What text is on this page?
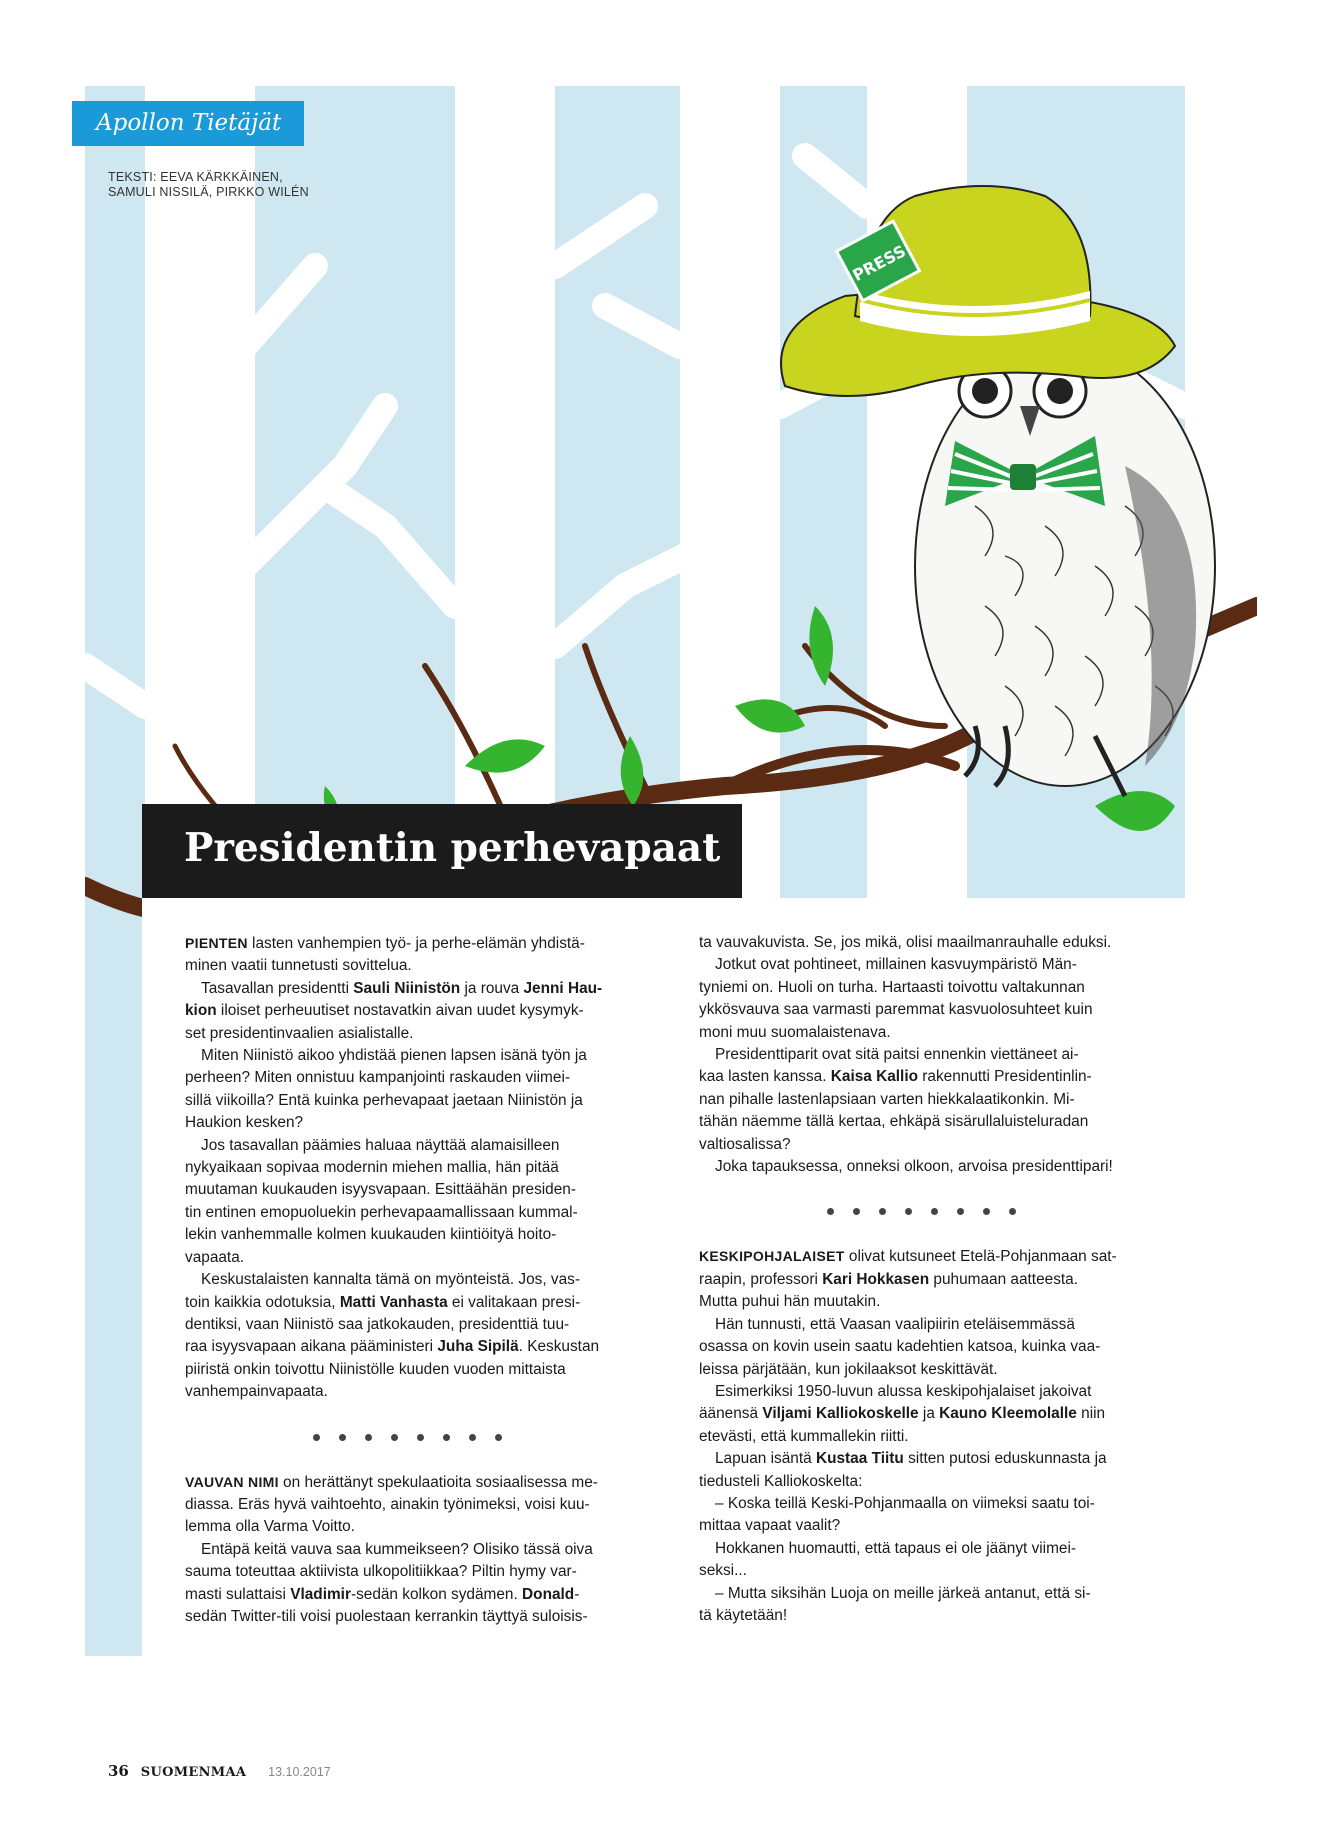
PRESS
Apollon Tietäjät
TEKSTI: EEVA KÄRKKÄINEN,
SAMULI NISSILÄ, PIRKKO WILÉN
Presidentin perhevapaat

PIENTEN lasten vanhempien työ- ja perhe-elämän yhdistä-

minen vaatii tunnetusti sovittelua.

Tasavallan presidentti Sauli Niinistön ja rouva Jenni Hau-

kion iloiset perheuutiset nostavatkin aivan uudet kysymyk-

set presidentinvaalien asialistalle.

Miten Niinistö aikoo yhdistää pienen lapsen isänä työn ja

perheen? Miten onnistuu kampanjointi raskauden viimei-

sillä viikoilla? Entä kuinka perhevapaat jaetaan Niinistön ja

Haukion kesken?

Jos tasavallan päämies haluaa näyttää alamaisilleen

nykyaikaan sopivaa modernin miehen mallia, hän pitää

muutaman kuukauden isyysvapaan. Esittäähän presiden-

tin entinen emopuoluekin perhevapaamallissaan kummal-

lekin vanhemmalle kolmen kuukauden kiintiöityä hoito-

vapaata.

Keskustalaisten kannalta tämä on myönteistä. Jos, vas-

toin kaikkia odotuksia, Matti Vanhasta ei valitakaan presi-

dentiksi, vaan Niinistö saa jatkokauden, presidenttiä tuu-

raa isyysvapaan aikana pääministeri Juha Sipilä. Keskustan

piiristä onkin toivottu Niinistölle kuuden vuoden mittaista

vanhempainvapaata.

VAUVAN NIMI on herättänyt spekulaatioita sosiaalisessa me-

diassa. Eräs hyvä vaihtoehto, ainakin työnimeksi, voisi kuu-

lemma olla Varma Voitto.

Entäpä keitä vauva saa kummeikseen? Olisiko tässä oiva

sauma toteuttaa aktiivista ulkopolitiikkaa? Piltin hymy var-

masti sulattaisi Vladimir-sedän kolkon sydämen. Donald-

sedän Twitter-tili voisi puolestaan kerrankin täyttyä suloisis-

ta vauvakuvista. Se, jos mikä, olisi maailmanrauhalle eduksi.

Jotkut ovat pohtineet, millainen kasvuympäristö Män-

tyniemi on. Huoli on turha. Hartaasti toivottu valtakunnan

ykkösvauva saa varmasti paremmat kasvuolosuhteet kuin

moni muu suomalaistenava.

Presidenttiparit ovat sitä paitsi ennenkin viettäneet ai-

kaa lasten kanssa. Kaisa Kallio rakennutti Presidentinlin-

nan pihalle lastenlapsiaan varten hiekkalaatikonkin. Mi-

tähän näemme tällä kertaa, ehkäpä sisärullaluisteluradan

valtiosalissa?

Joka tapauksessa, onneksi olkoon, arvoisa presidenttipari!

KESKIPOHJALAISET olivat kutsuneet Etelä-Pohjanmaan sat-

raapin, professori Kari Hokkasen puhumaan aatteesta.

Mutta puhui hän muutakin.

Hän tunnusti, että Vaasan vaalipiirin eteläisemmässä

osassa on kovin usein saatu kadehtien katsoa, kuinka vaa-

leissa pärjätään, kun jokilaaksot keskittävät.

Esimerkiksi 1950-luvun alussa keskipohjalaiset jakoivat

äänensä Viljami Kalliokoskelle ja Kauno Kleemolalle niin

etevästi, että kummallekin riitti.

Lapuan isäntä Kustaa Tiitu sitten putosi eduskunnasta ja

tiedusteli Kalliokoskelta:

– Koska teillä Keski-Pohjanmaalla on viimeksi saatu toi-

mittaa vapaat vaalit?

Hokkanen huomautti, että tapaus ei ole jäänyt viimei-

seksi...

– Mutta siksihän Luoja on meille järkeä antanut, että si-

tä käytetään!

36 SUOMENMAA 13.10.2017
